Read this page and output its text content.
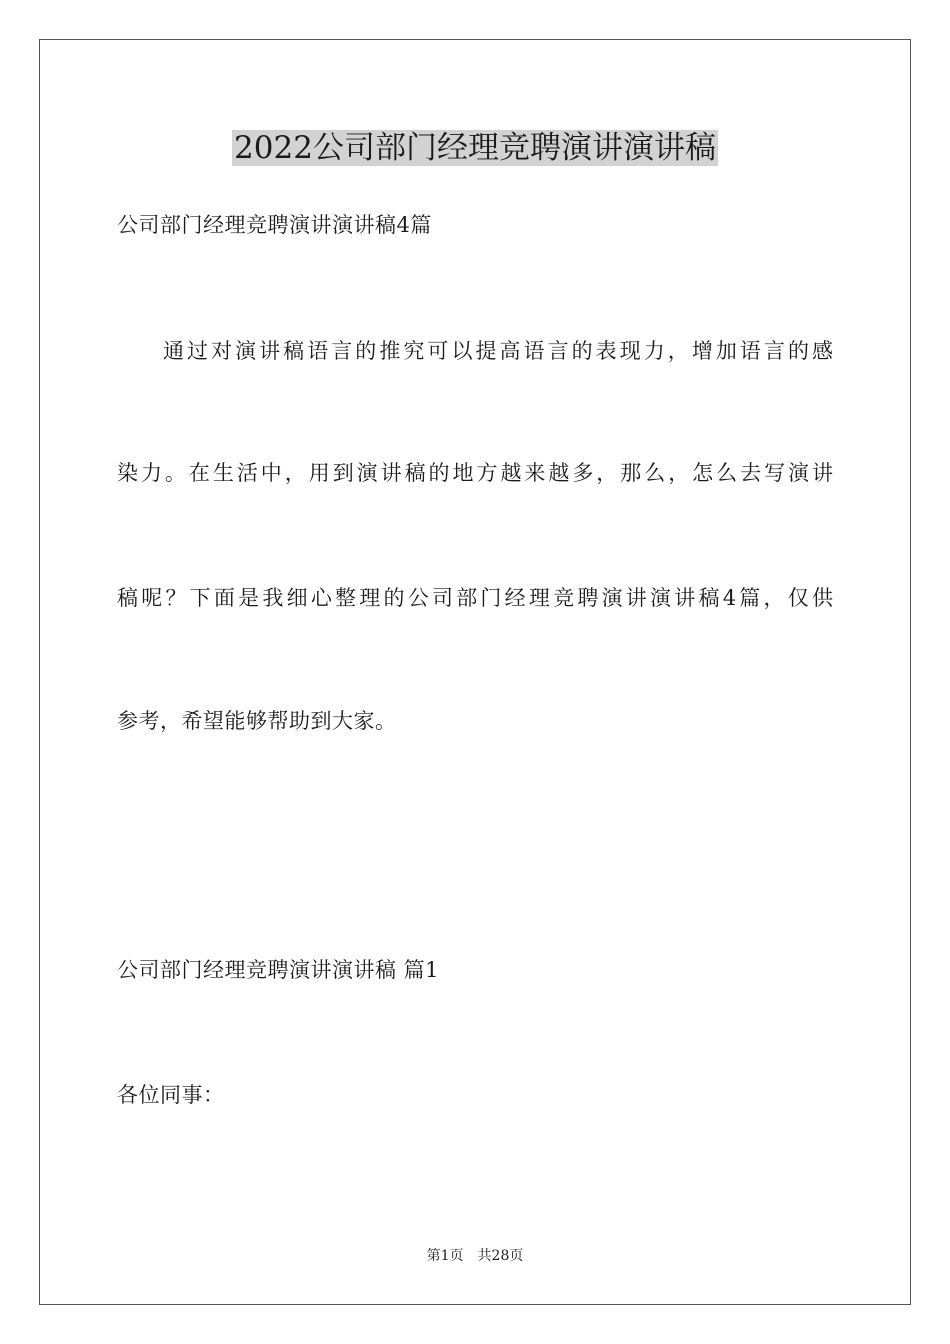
2022公司部门经理竞聘演讲演讲稿
公司部门经理竞聘演讲演讲稿4篇
通过对演讲稿语言的推究可以提高语言的表现力，增加语言的感
染力。在生活中，用到演讲稿的地方越来越多，那么，怎么去写演讲
稿呢？下面是我细心整理的公司部门经理竞聘演讲演讲稿4篇，仅供
参考，希望能够帮助到大家。
公司部门经理竞聘演讲演讲稿 篇1
各位同事：
第1页 共28页
